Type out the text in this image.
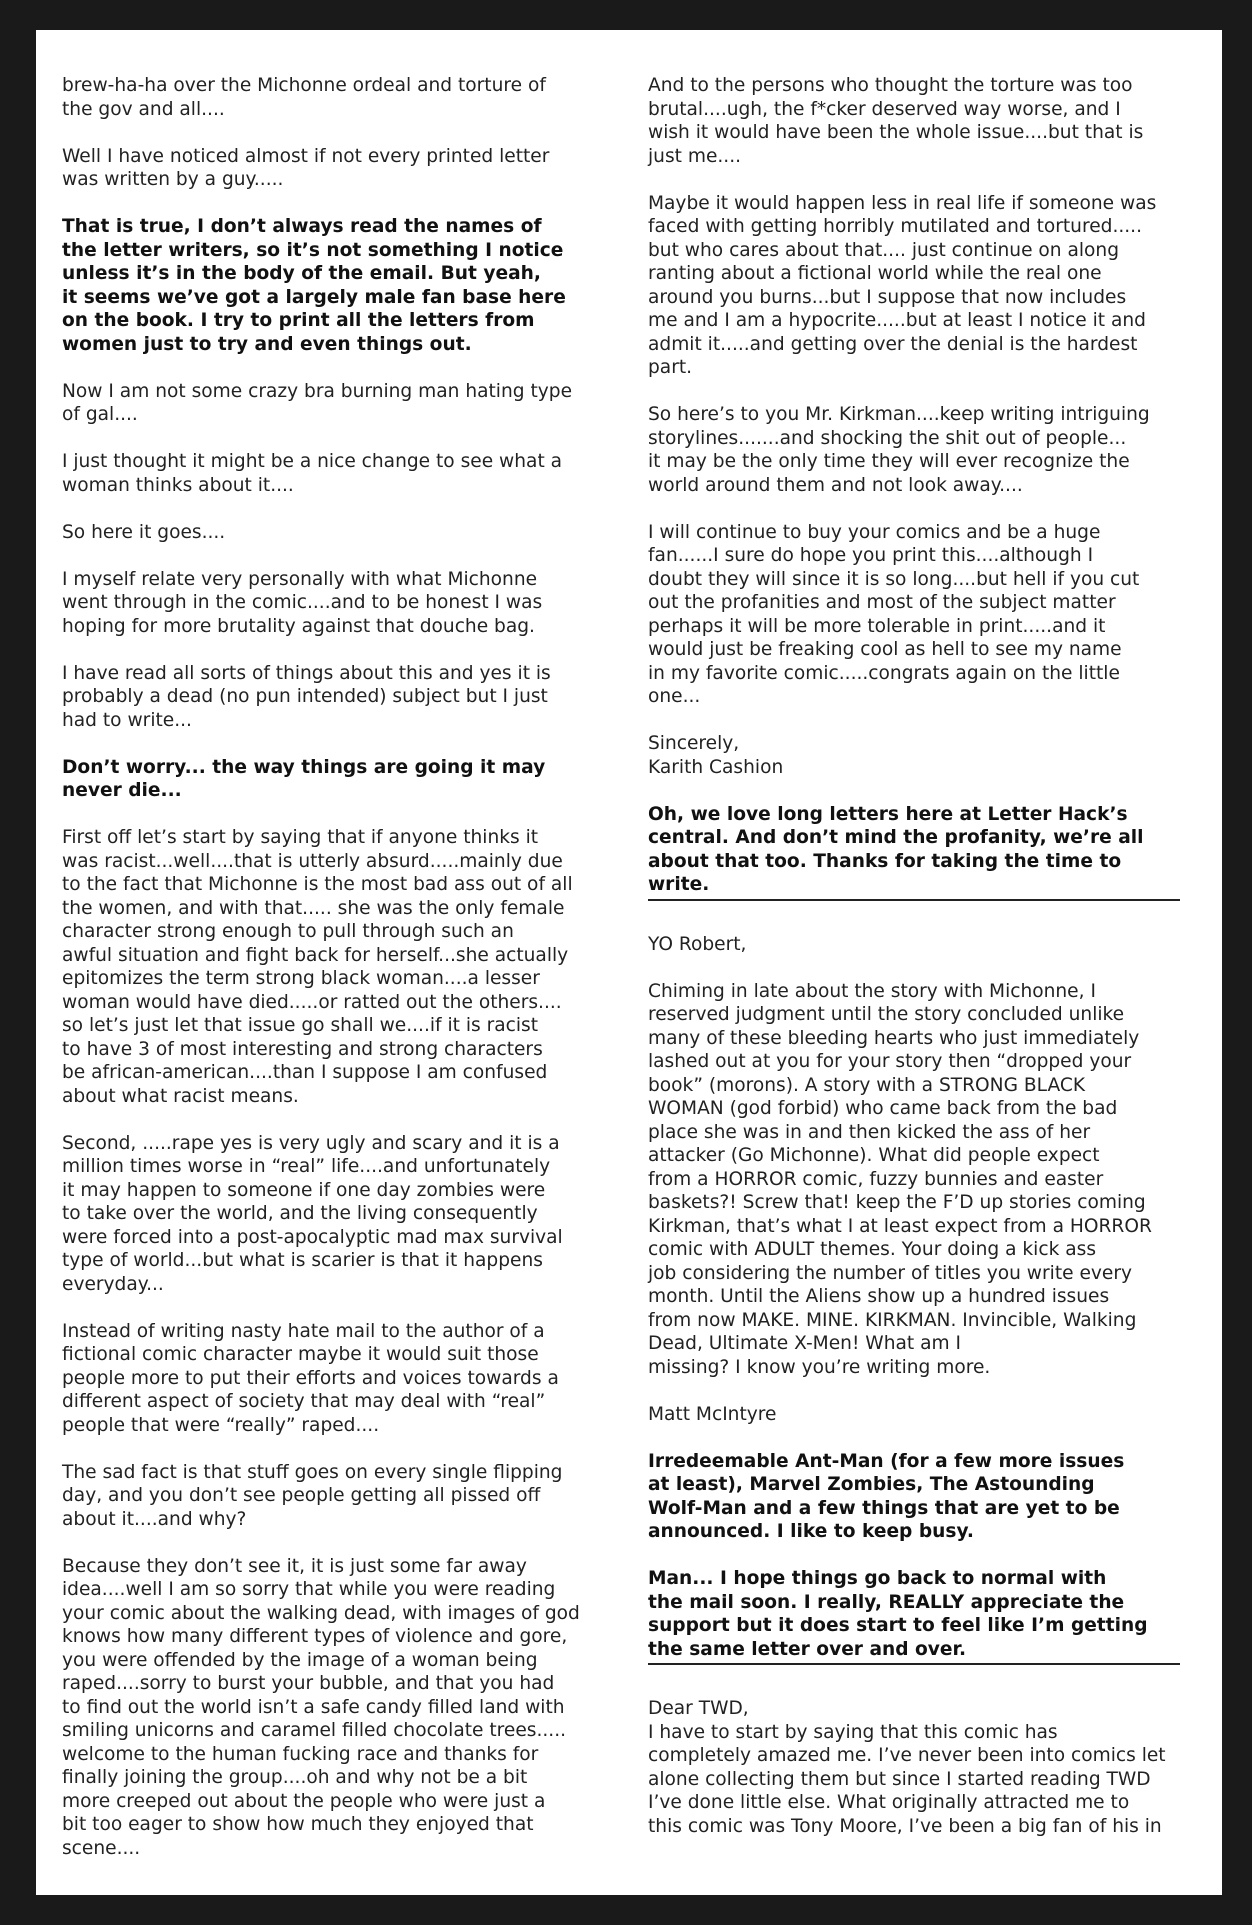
brew-ha-ha over the Michonne ordeal and torture of
the gov and all....

Well I have noticed almost if not every printed letter
was written by a guy.....

That is true, I don’t always read the names of
the letter writers, so it’s not something I notice
unless it’s in the body of the email. But yeah,
it seems we’ve got a largely male fan base here
on the book. I try to print all the letters from
women just to try and even things out.

Now I am not some crazy bra burning man hating type
of gal....

I just thought it might be a nice change to see what a
woman thinks about it....

So here it goes....

I myself relate very personally with what Michonne
went through in the comic....and to be honest I was
hoping for more brutality against that douche bag.

I have read all sorts of things about this and yes it is
probably a dead (no pun intended) subject but I just
had to write...

Don’t worry... the way things are going it may
never die...

First off let’s start by saying that if anyone thinks it
was racist...well....that is utterly absurd.....mainly due
to the fact that Michonne is the most bad ass out of all
the women, and with that..... she was the only female
character strong enough to pull through such an
awful situation and fight back for herself...she actually
epitomizes the term strong black woman....a lesser
woman would have died.....or ratted out the others....
so let’s just let that issue go shall we....if it is racist
to have 3 of most interesting and strong characters
be african-american....than I suppose I am confused
about what racist means.

Second, .....rape yes is very ugly and scary and it is a
million times worse in “real” life....and unfortunately
it may happen to someone if one day zombies were
to take over the world, and the living consequently
were forced into a post-apocalyptic mad max survival
type of world...but what is scarier is that it happens
everyday...

Instead of writing nasty hate mail to the author of a
fictional comic character maybe it would suit those
people more to put their efforts and voices towards a
different aspect of society that may deal with “real”
people that were “really” raped....

The sad fact is that stuff goes on every single flipping
day, and you don’t see people getting all pissed off
about it....and why?

Because they don’t see it, it is just some far away
idea....well I am so sorry that while you were reading
your comic about the walking dead, with images of god
knows how many different types of violence and gore,
you were offended by the image of a woman being
raped....sorry to burst your bubble, and that you had
to find out the world isn’t a safe candy filled land with
smiling unicorns and caramel filled chocolate trees.....
welcome to the human fucking race and thanks for
finally joining the group....oh and why not be a bit
more creeped out about the people who were just a
bit too eager to show how much they enjoyed that
scene....

And to the persons who thought the torture was too
brutal....ugh, the f*cker deserved way worse, and I
wish it would have been the whole issue....but that is
just me....

Maybe it would happen less in real life if someone was
faced with getting horribly mutilated and tortured.....
but who cares about that.... just continue on along
ranting about a fictional world while the real one
around you burns...but I suppose that now includes
me and I am a hypocrite.....but at least I notice it and
admit it.....and getting over the denial is the hardest
part.

So here’s to you Mr. Kirkman....keep writing intriguing
storylines.......and shocking the shit out of people...
it may be the only time they will ever recognize the
world around them and not look away....

I will continue to buy your comics and be a huge
fan......I sure do hope you print this....although I
doubt they will since it is so long....but hell if you cut
out the profanities and most of the subject matter
perhaps it will be more tolerable in print.....and it
would just be freaking cool as hell to see my name
in my favorite comic.....congrats again on the little
one...

Sincerely,
Karith Cashion

Oh, we love long letters here at Letter Hack’s
central. And don’t mind the profanity, we’re all
about that too. Thanks for taking the time to
write.

YO Robert,

Chiming in late about the story with Michonne, I
reserved judgment until the story concluded unlike
many of these bleeding hearts who just immediately
lashed out at you for your story then “dropped your
book” (morons). A story with a STRONG BLACK
WOMAN (god forbid) who came back from the bad
place she was in and then kicked the ass of her
attacker (Go Michonne). What did people expect
from a HORROR comic, fuzzy bunnies and easter
baskets?! Screw that! keep the F’D up stories coming
Kirkman, that’s what I at least expect from a HORROR
comic with ADULT themes. Your doing a kick ass
job considering the number of titles you write every
month. Until the Aliens show up a hundred issues
from now MAKE. MINE. KIRKMAN. Invincible, Walking
Dead, Ultimate X-Men! What am I
missing? I know you’re writing more.

Matt McIntyre

Irredeemable Ant-Man (for a few more issues
at least), Marvel Zombies, The Astounding
Wolf-Man and a few things that are yet to be
announced. I like to keep busy.

Man... I hope things go back to normal with
the mail soon. I really, REALLY appreciate the
support but it does start to feel like I’m getting
the same letter over and over.

Dear TWD,
I have to start by saying that this comic has
completely amazed me. I’ve never been into comics let
alone collecting them but since I started reading TWD
I’ve done little else. What originally attracted me to
this comic was Tony Moore, I’ve been a big fan of his in
